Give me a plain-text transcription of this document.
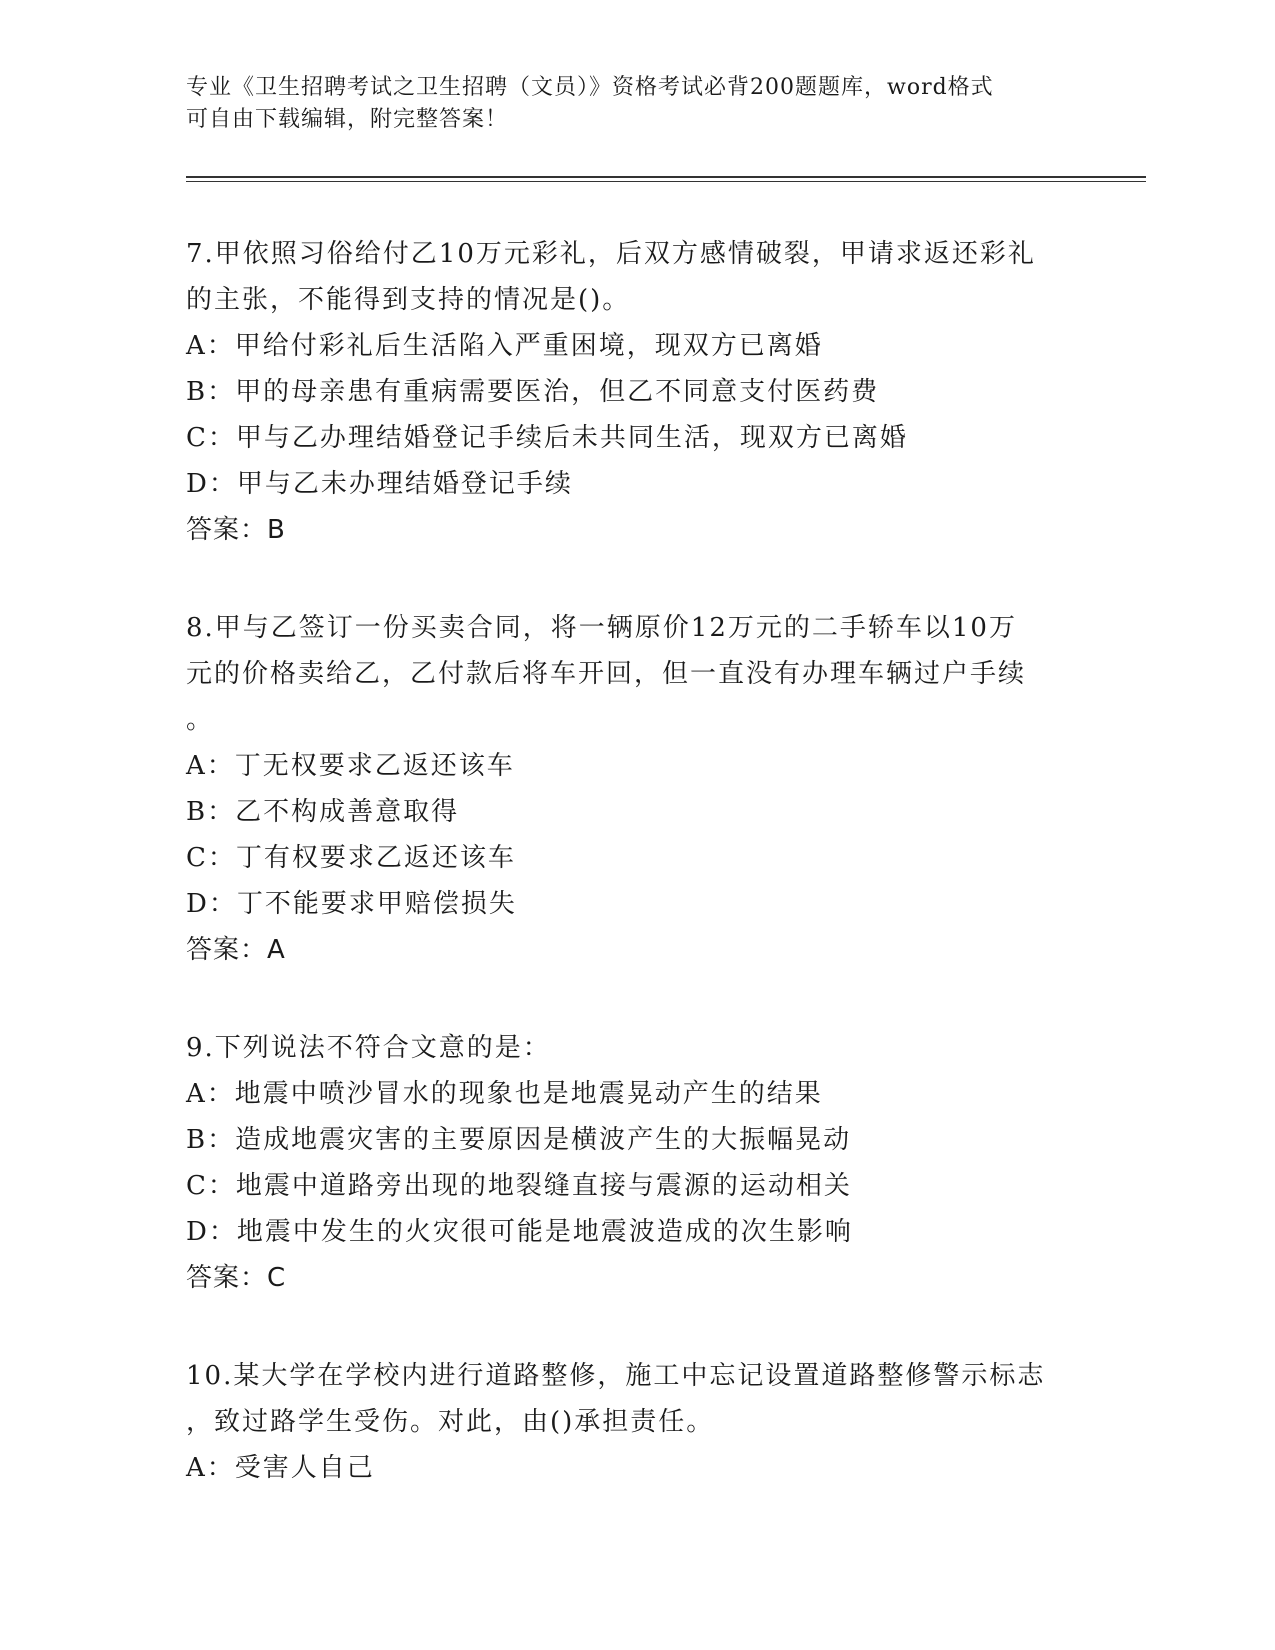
专业《卫生招聘考试之卫生招聘（文员）》资格考试必背200题题库，word格式
可自由下载编辑，附完整答案！
7.甲依照习俗给付乙10万元彩礼，后双方感情破裂，甲请求返还彩礼
的主张，不能得到支持的情况是()。
A：甲给付彩礼后生活陷入严重困境，现双方已离婚
B：甲的母亲患有重病需要医治，但乙不同意支付医药费
C：甲与乙办理结婚登记手续后未共同生活，现双方已离婚
D：甲与乙未办理结婚登记手续
答案：B
8.甲与乙签订一份买卖合同，将一辆原价12万元的二手轿车以10万
元的价格卖给乙，乙付款后将车开回，但一直没有办理车辆过户手续
。
A：丁无权要求乙返还该车
B：乙不构成善意取得
C：丁有权要求乙返还该车
D：丁不能要求甲赔偿损失
答案：A
9.下列说法不符合文意的是：
A：地震中喷沙冒水的现象也是地震晃动产生的结果
B：造成地震灾害的主要原因是横波产生的大振幅晃动
C：地震中道路旁出现的地裂缝直接与震源的运动相关
D：地震中发生的火灾很可能是地震波造成的次生影响
答案：C
10.某大学在学校内进行道路整修，施工中忘记设置道路整修警示标志
，致过路学生受伤。对此，由()承担责任。
A：受害人自己
